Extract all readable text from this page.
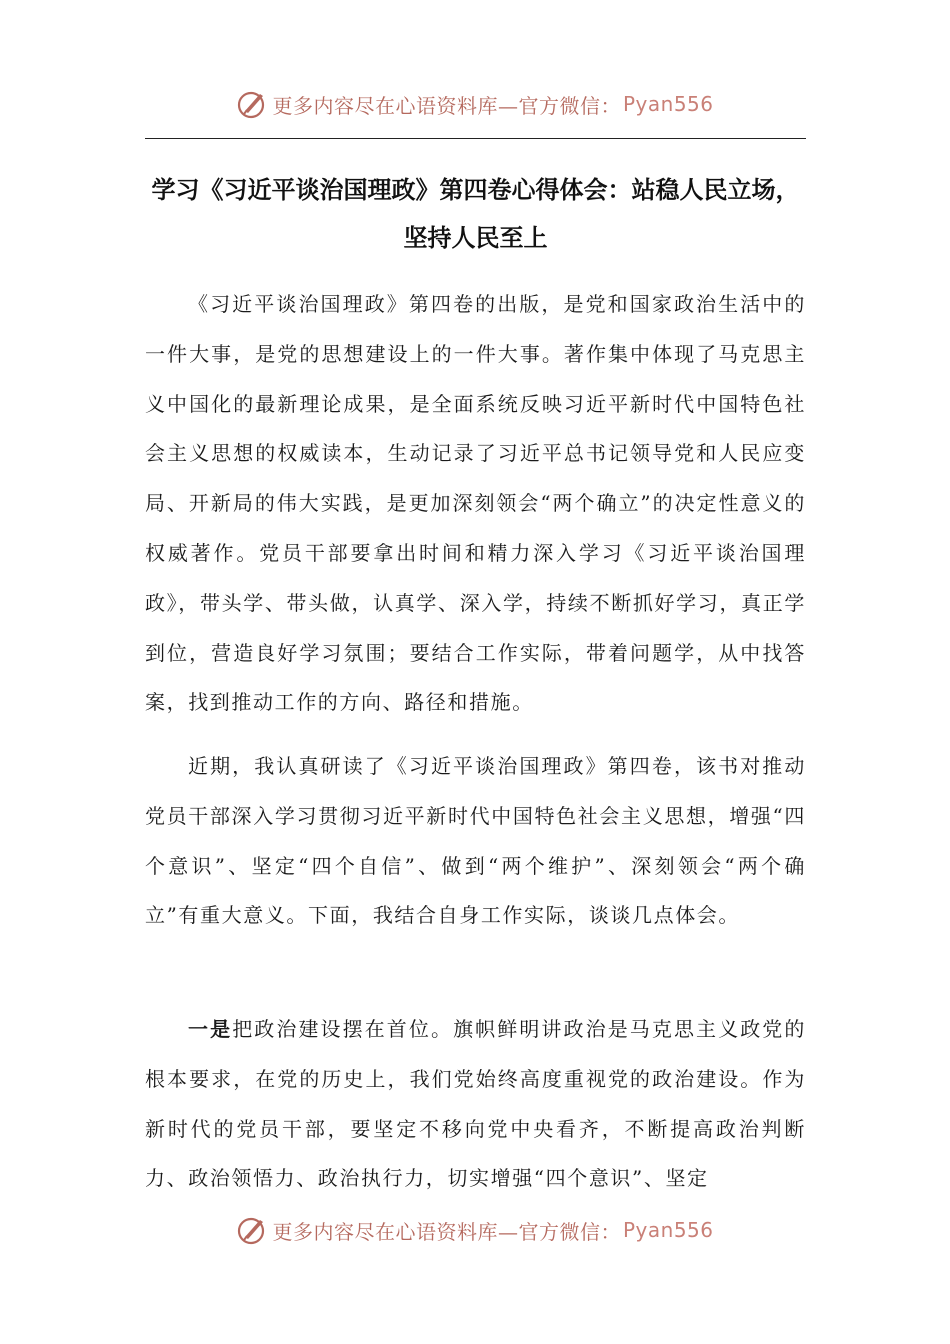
更多内容尽在心语资料库—官方微信： Pyan556
学习《习近平谈治国理政》第四卷心得体会：站稳人民立场，坚持人民至上

《习近平谈治国理政》第四卷的出版，是党和国家政治生活中的一件大事，是党的思想建设上的一件大事。著作集中体现了马克思主义中国化的最新理论成果，是全面系统反映习近平新时代中国特色社会主义思想的权威读本，生动记录了习近平总书记领导党和人民应变局、开新局的伟大实践，是更加深刻领会“两个确立”的决定性意义的权威著作。党员干部要拿出时间和精力深入学习《习近平谈治国理政》，带头学、带头做，认真学、深入学，持续不断抓好学习，真正学到位，营造良好学习氛围；要结合工作实际，带着问题学，从中找答案，找到推动工作的方向、路径和措施。

近期，我认真研读了《习近平谈治国理政》第四卷，该书对推动党员干部深入学习贯彻习近平新时代中国特色社会主义思想，增强“四个意识”、坚定“四个自信”、做到“两个维护”、深刻领会“两个确立”有重大意义。下面，我结合自身工作实际，谈谈几点体会。

一是把政治建设摆在首位。旗帜鲜明讲政治是马克思主义政党的根本要求，在党的历史上，我们党始终高度重视党的政治建设。作为新时代的党员干部，要坚定不移向党中央看齐，不断提高政治判断力、政治领悟力、政治执行力，切实增强“四个意识”、坚定

更多内容尽在心语资料库—官方微信： Pyan556
